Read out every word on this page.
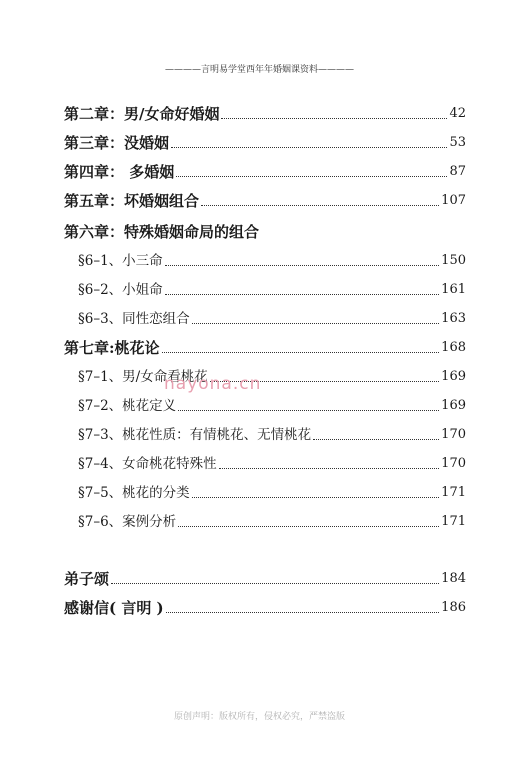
————言明易学堂西年年婚姻课资料————
第二章：男/女命好婚姻	42
第三章：没婚姻	53
第四章： 多婚姻	87
第五章：坏婚姻组合	107
第六章：特殊婚姻命局的组合
§6–1、小三命	150
§6–2、小姐命	161
§6–3、同性恋组合	163
第七章:桃花论	168
§7–1、男/女命看桃花	169
§7–2、桃花定义	169
§7–3、桃花性质：有情桃花、无情桃花	170
§7–4、女命桃花特殊性	170
§7–5、桃花的分类	171
§7–6、案例分析	171
弟子颂	184
感谢信( 言明 )	186
nayona.cn
原创声明：版权所有，侵权必究，严禁盗版
